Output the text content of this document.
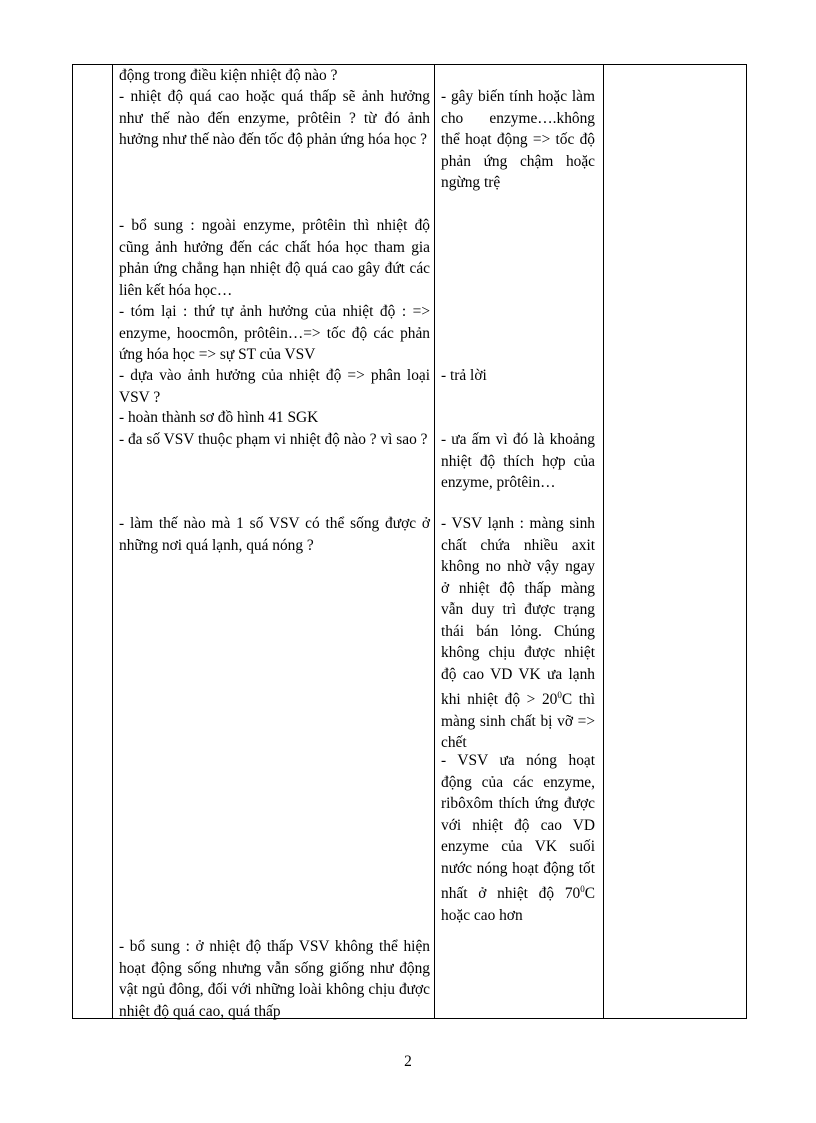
động trong điều kiện nhiệt độ nào ?
- nhiệt độ quá cao hoặc quá thấp sẽ ảnh hưởng như thế nào đến enzyme, prôtêin ? từ đó ảnh hưởng như thế nào đến tốc độ phản ứng hóa học ?
- bổ sung : ngoài enzyme, prôtêin thì nhiệt độ cũng ảnh hưởng đến các chất hóa học tham gia phản ứng chẳng hạn nhiệt độ quá cao gây đứt các liên kết hóa học…
- tóm lại : thứ tự ảnh hưởng của nhiệt độ : => enzyme, hoocmôn, prôtêin…=> tốc độ các phản ứng hóa học => sự ST của VSV
- dựa vào ảnh hưởng của nhiệt độ => phân loại VSV ?
- hoàn thành sơ đồ hình 41 SGK
- đa số VSV thuộc phạm vi nhiệt độ nào ? vì sao ?
- làm thế nào mà 1 số VSV có thể sống được ở những nơi quá lạnh, quá nóng ?
- bổ sung : ở nhiệt độ thấp VSV không thể hiện hoạt động sống nhưng vẫn sống giống như động vật ngủ đông, đối với những loài không chịu được nhiệt độ quá cao, quá thấp
- gây biến tính hoặc làm cho enzyme….không thể hoạt động => tốc độ phản ứng chậm hoặc ngừng trệ
- trả lời
- ưa ấm vì đó là khoảng nhiệt độ thích hợp của enzyme, prôtêin…
- VSV lạnh : màng sinh chất chứa nhiều axit không no nhờ vậy ngay ở nhiệt độ thấp màng vẫn duy trì được trạng thái bán lỏng. Chúng không chịu được nhiệt độ cao VD VK ưa lạnh khi nhiệt độ > $20^0C$ thì màng sinh chất bị vỡ => chết
- VSV ưa nóng hoạt động của các enzyme, ribôxôm thích ứng được với nhiệt độ cao VD enzyme của VK suối nước nóng hoạt động tốt nhất ở nhiệt độ $70^0C$ hoặc cao hơn
2
